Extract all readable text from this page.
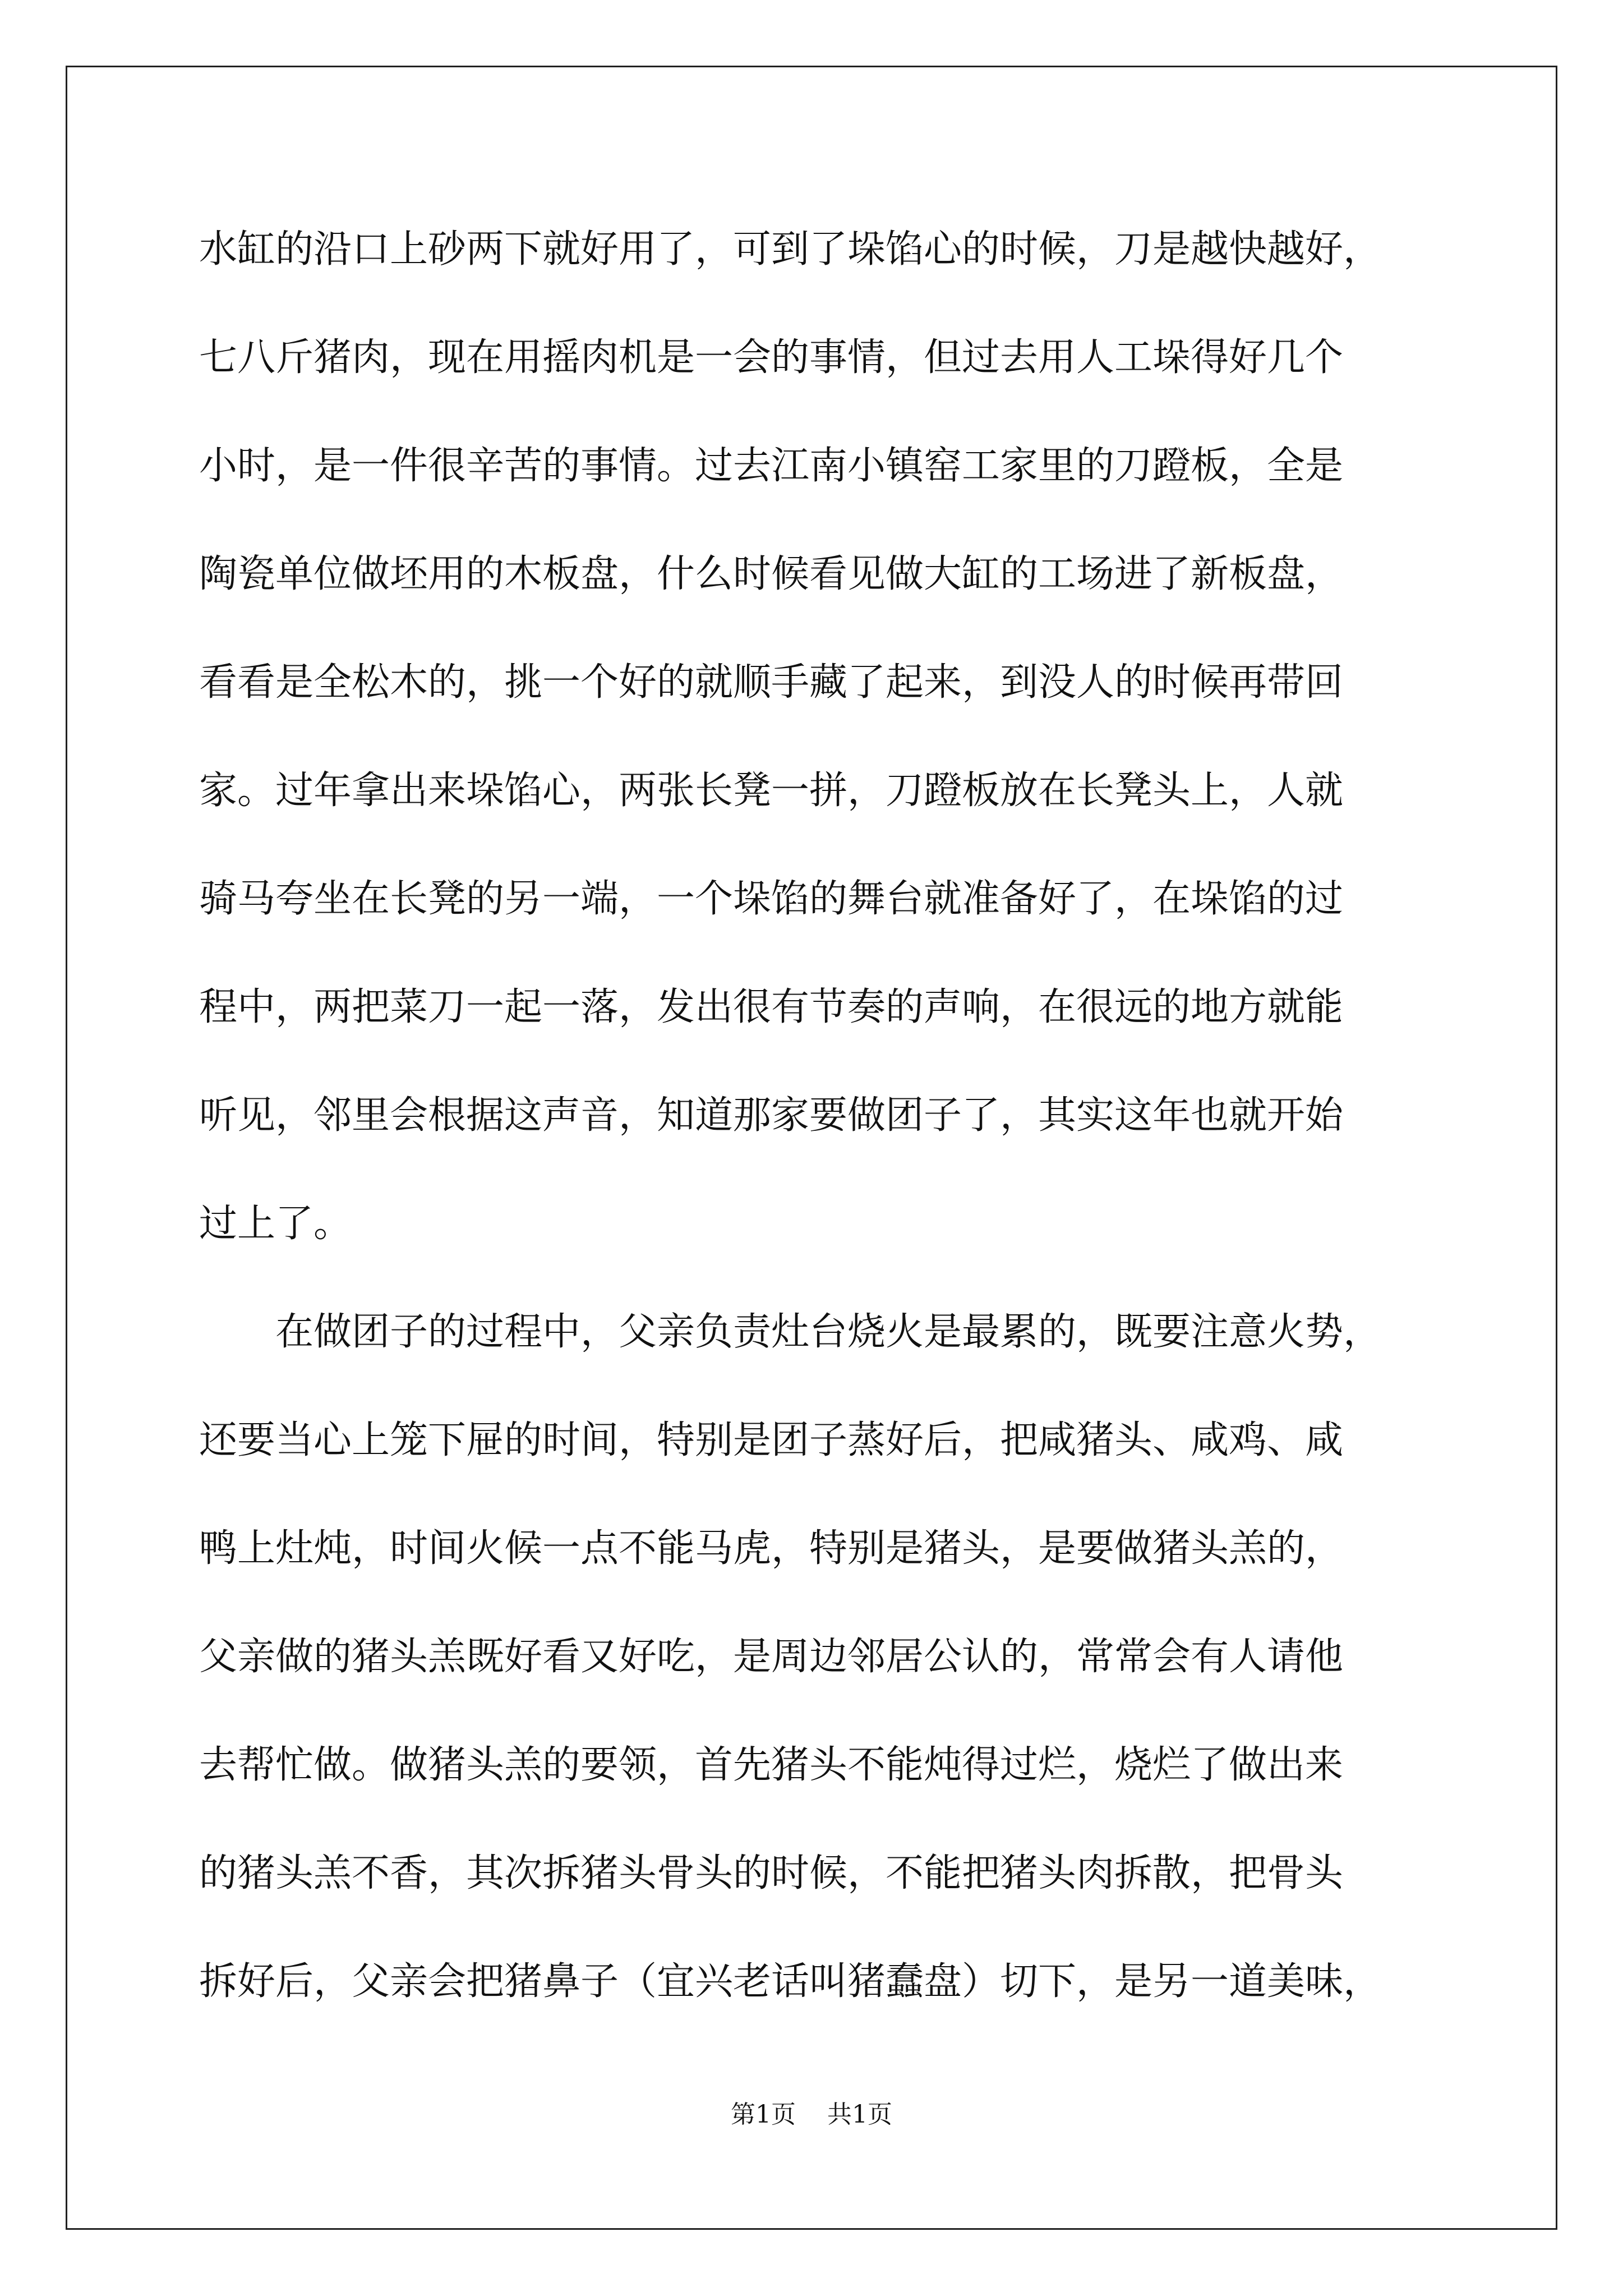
水缸的沿口上砂两下就好用了，可到了垛馅心的时候，刀是越快越好，
七八斤猪肉，现在用摇肉机是一会的事情，但过去用人工垛得好几个
小时，是一件很辛苦的事情。过去江南小镇窑工家里的刀蹬板，全是
陶瓷单位做坯用的木板盘，什么时候看见做大缸的工场进了新板盘，
看看是全松木的，挑一个好的就顺手藏了起来，到没人的时候再带回
家。过年拿出来垛馅心，两张长凳一拼，刀蹬板放在长凳头上，人就
骑马夸坐在长凳的另一端，一个垛馅的舞台就准备好了，在垛馅的过
程中，两把菜刀一起一落，发出很有节奏的声响，在很远的地方就能
听见，邻里会根据这声音，知道那家要做团子了，其实这年也就开始
过上了。
　　在做团子的过程中，父亲负责灶台烧火是最累的，既要注意火势，
还要当心上笼下屉的时间，特别是团子蒸好后，把咸猪头、咸鸡、咸
鸭上灶炖，时间火候一点不能马虎，特别是猪头，是要做猪头羔的，
父亲做的猪头羔既好看又好吃，是周边邻居公认的，常常会有人请他
去帮忙做。做猪头羔的要领，首先猪头不能炖得过烂，烧烂了做出来
的猪头羔不香，其次拆猪头骨头的时候，不能把猪头肉拆散，把骨头
拆好后，父亲会把猪鼻子（宜兴老话叫猪蠢盘）切下，是另一道美味，
第1页 共1页
